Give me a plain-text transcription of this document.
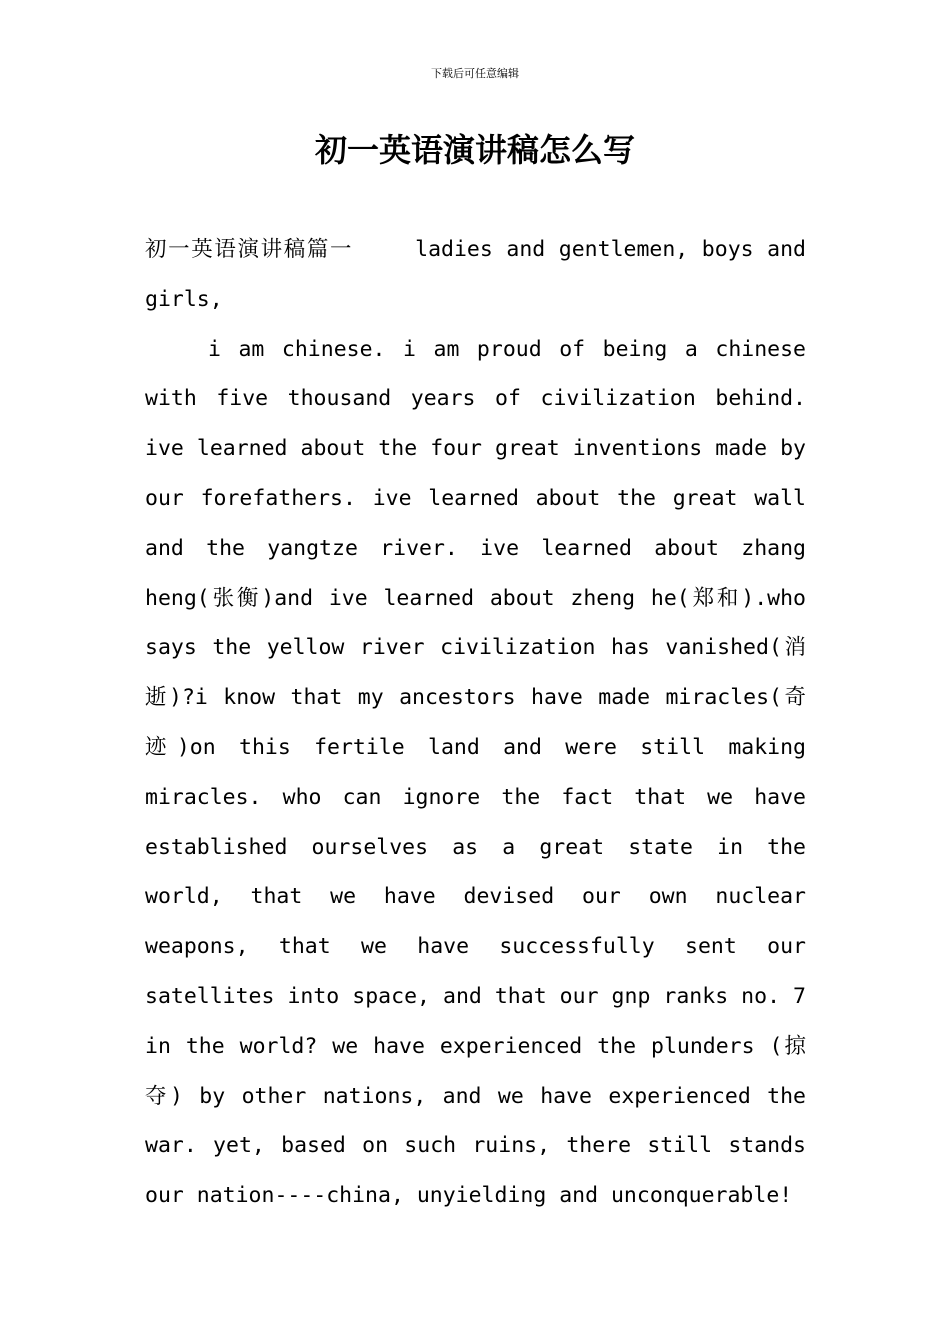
下载后可任意编辑
初一英语演讲稿怎么写

初一英语演讲稿篇一	ladies and gentlemen, boys and girls,

i am chinese. i am proud of being a chinese with five thousand years of civilization behind. ive learned about the four great inventions made by our forefathers. ive learned about the great wall and the yangtze river. ive learned about zhang heng(张衡)and ive learned about zheng he(郑和).who says the yellow river civilization has vanished(消逝)?i know that my ancestors have made miracles(奇迹)on this fertile land and were still making miracles. who can ignore the fact that we have established ourselves as a great state in the world, that we have devised our own nuclear weapons, that we have successfully sent our satellites into space, and that our gnp ranks no. 7 in the world? we have experienced the plunders (掠夺) by other nations, and we have experienced the war. yet, based on such ruins, there still stands our nation----china, unyielding and unconquerable!
